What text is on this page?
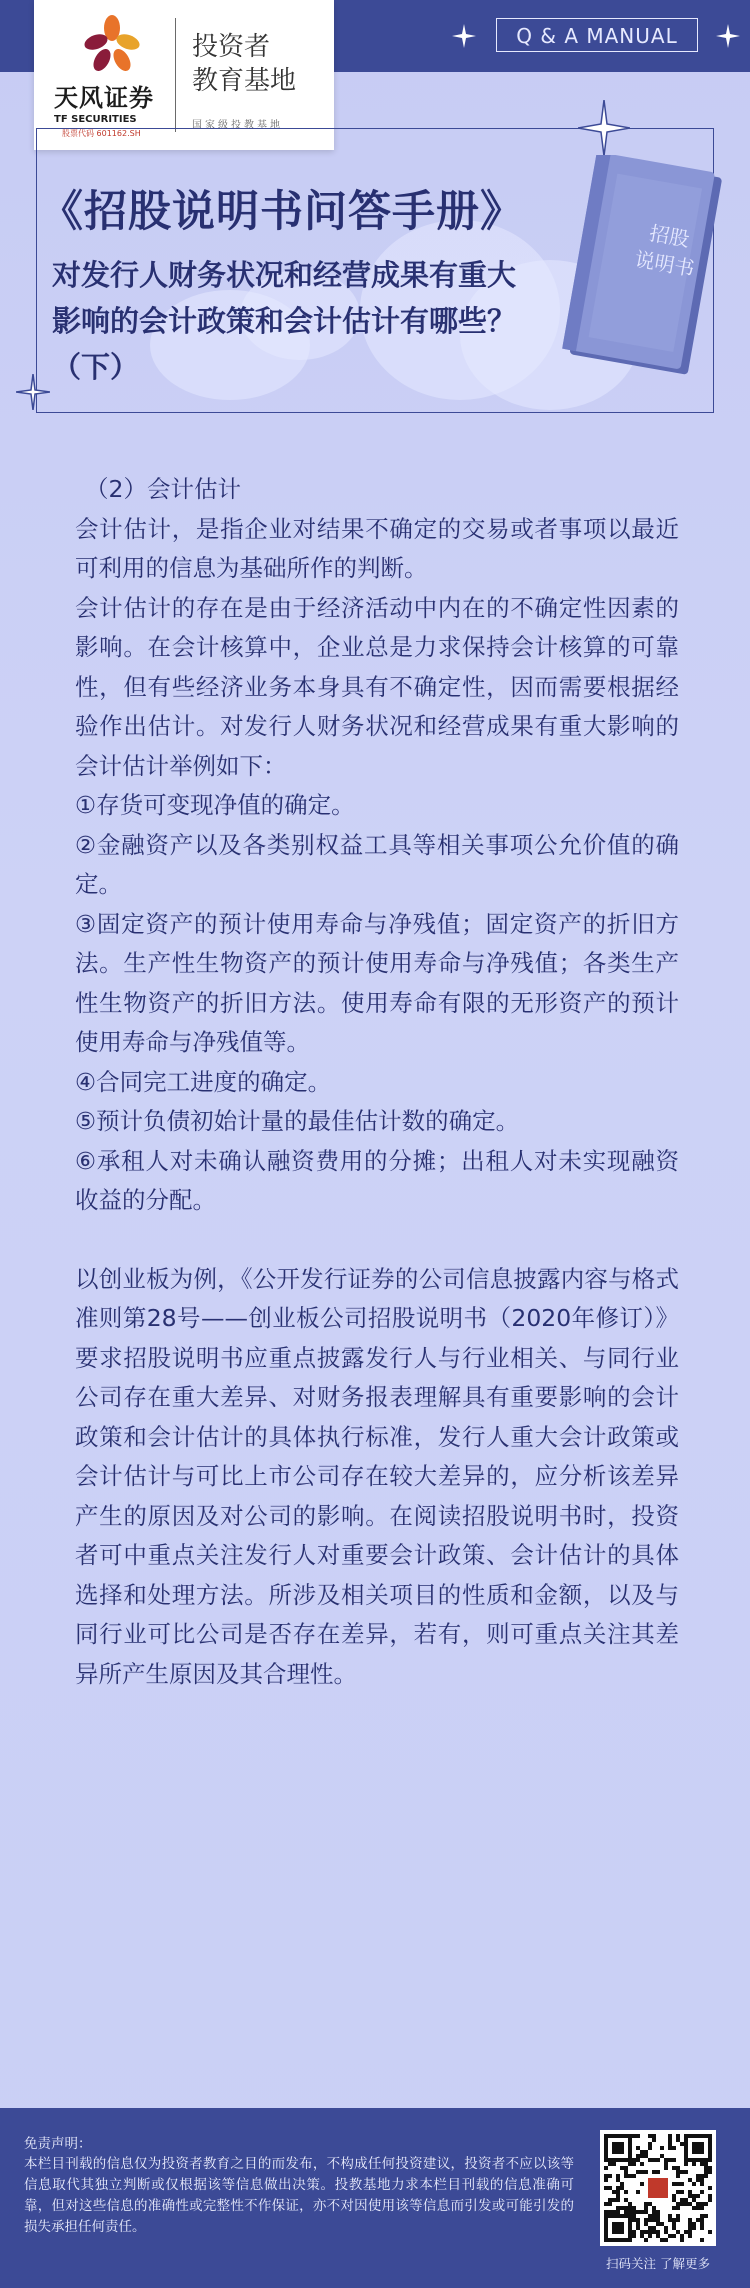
天风证券
TF SECURITIES
股票代码 601162.SH
投资者
教育基地
国家级投教基地
Q & A MANUAL
招股
说明书
《招股说明书问答手册》
对发行人财务状况和经营成果有重大
影响的会计政策和会计估计有哪些？
（下）

（2）会计估计

会计估计，是指企业对结果不确定的交易或者事项以最近可利用的信息为基础所作的判断。

会计估计的存在是由于经济活动中内在的不确定性因素的影响。在会计核算中，企业总是力求保持会计核算的可靠性，但有些经济业务本身具有不确定性，因而需要根据经验作出估计。对发行人财务状况和经营成果有重大影响的会计估计举例如下：

①存货可变现净值的确定。

②金融资产以及各类别权益工具等相关事项公允价值的确定。

③固定资产的预计使用寿命与净残值；固定资产的折旧方法。生产性生物资产的预计使用寿命与净残值；各类生产性生物资产的折旧方法。使用寿命有限的无形资产的预计使用寿命与净残值等。

④合同完工进度的确定。

⑤预计负债初始计量的最佳估计数的确定。

⑥承租人对未确认融资费用的分摊；出租人对未实现融资收益的分配。

以创业板为例，《公开发行证券的公司信息披露内容与格式准则第28号——创业板公司招股说明书（2020年修订）》要求招股说明书应重点披露发行人与行业相关、与同行业公司存在重大差异、对财务报表理解具有重要影响的会计政策和会计估计的具体执行标准，发行人重大会计政策或会计估计与可比上市公司存在较大差异的，应分析该差异产生的原因及对公司的影响。在阅读招股说明书时，投资者可中重点关注发行人对重要会计政策、会计估计的具体选择和处理方法。所涉及相关项目的性质和金额，以及与同行业可比公司是否存在差异，若有，则可重点关注其差异所产生原因及其合理性。

免责声明：
本栏目刊载的信息仅为投资者教育之目的而发布，不构成任何投资建议，投资者不应以该等信息取代其独立判断或仅根据该等信息做出决策。投教基地力求本栏目刊载的信息准确可靠，但对这些信息的准确性或完整性不作保证，亦不对因使用该等信息而引发或可能引发的损失承担任何责任。
扫码关注 了解更多
